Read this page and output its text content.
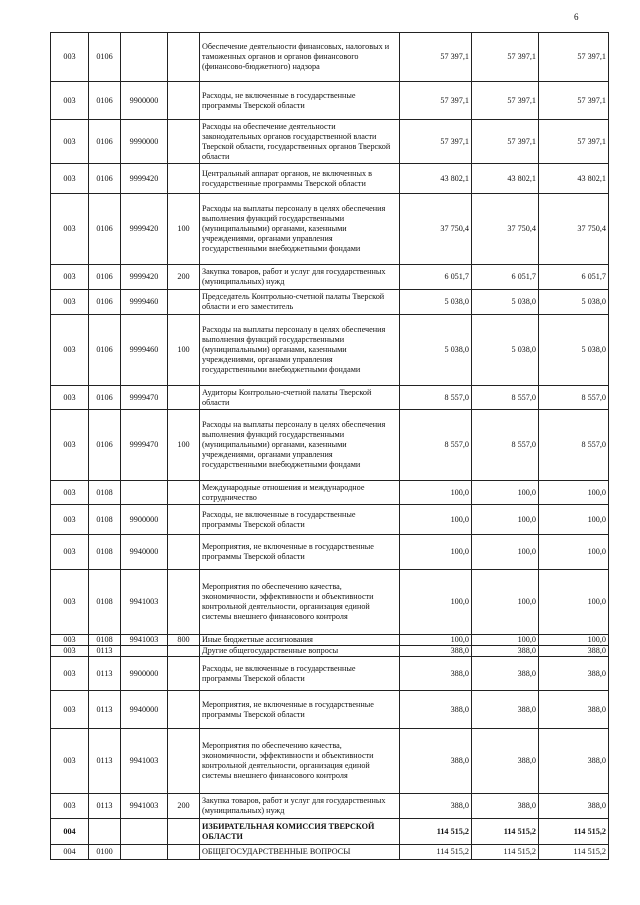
6
003	0106			Обеспечение деятельности финансовых, налоговых и таможенных органов и органов финансового (финансово-бюджетного) надзора	57 397,1	57 397,1	57 397,1
003	0106	9900000		Расходы, не включенные в государственные программы Тверской области	57 397,1	57 397,1	57 397,1
003	0106	9990000		Расходы на обеспечение деятельности законодательных органов государственной власти Тверской области, государственных органов Тверской области	57 397,1	57 397,1	57 397,1
003	0106	9999420		Центральный аппарат органов, не включенных в государственные программы Тверской области	43 802,1	43 802,1	43 802,1
003	0106	9999420	100	Расходы на выплаты персоналу в целях обеспечения выполнения функций государственными (муниципальными) органами, казенными учреждениями, органами управления государственными внебюджетными фондами	37 750,4	37 750,4	37 750,4
003	0106	9999420	200	Закупка товаров, работ и услуг для государственных (муниципальных) нужд	6 051,7	6 051,7	6 051,7
003	0106	9999460		Председатель Контрольно-счетной палаты Тверской области и его заместитель	5 038,0	5 038,0	5 038,0
003	0106	9999460	100	Расходы на выплаты персоналу в целях обеспечения выполнения функций государственными (муниципальными) органами, казенными учреждениями, органами управления государственными внебюджетными фондами	5 038,0	5 038,0	5 038,0
003	0106	9999470		Аудиторы Контрольно-счетной палаты Тверской области	8 557,0	8 557,0	8 557,0
003	0106	9999470	100	Расходы на выплаты персоналу в целях обеспечения выполнения функций государственными (муниципальными) органами, казенными учреждениями, органами управления государственными внебюджетными фондами	8 557,0	8 557,0	8 557,0
003	0108			Международные отношения и международное сотрудничество	100,0	100,0	100,0
003	0108	9900000		Расходы, не включенные в государственные программы Тверской области	100,0	100,0	100,0
003	0108	9940000		Мероприятия, не включенные в государственные программы Тверской области	100,0	100,0	100,0
003	0108	9941003		Мероприятия по обеспечению качества, экономичности, эффективности и объективности контрольной деятельности, организация единой системы внешнего финансового контроля	100,0	100,0	100,0
003	0108	9941003	800	Иные бюджетные ассигнования	100,0	100,0	100,0
003	0113			Другие общегосударственные вопросы	388,0	388,0	388,0
003	0113	9900000		Расходы, не включенные в государственные программы Тверской области	388,0	388,0	388,0
003	0113	9940000		Мероприятия, не включенные в государственные программы Тверской области	388,0	388,0	388,0
003	0113	9941003		Мероприятия по обеспечению качества, экономичности, эффективности и объективности контрольной деятельности, организация единой системы внешнего финансового контроля	388,0	388,0	388,0
003	0113	9941003	200	Закупка товаров, работ и услуг для государственных (муниципальных) нужд	388,0	388,0	388,0
004				ИЗБИРАТЕЛЬНАЯ КОМИССИЯ ТВЕРСКОЙ ОБЛАСТИ	114 515,2	114 515,2	114 515,2
004	0100			ОБЩЕГОСУДАРСТВЕННЫЕ ВОПРОСЫ	114 515,2	114 515,2	114 515,2
